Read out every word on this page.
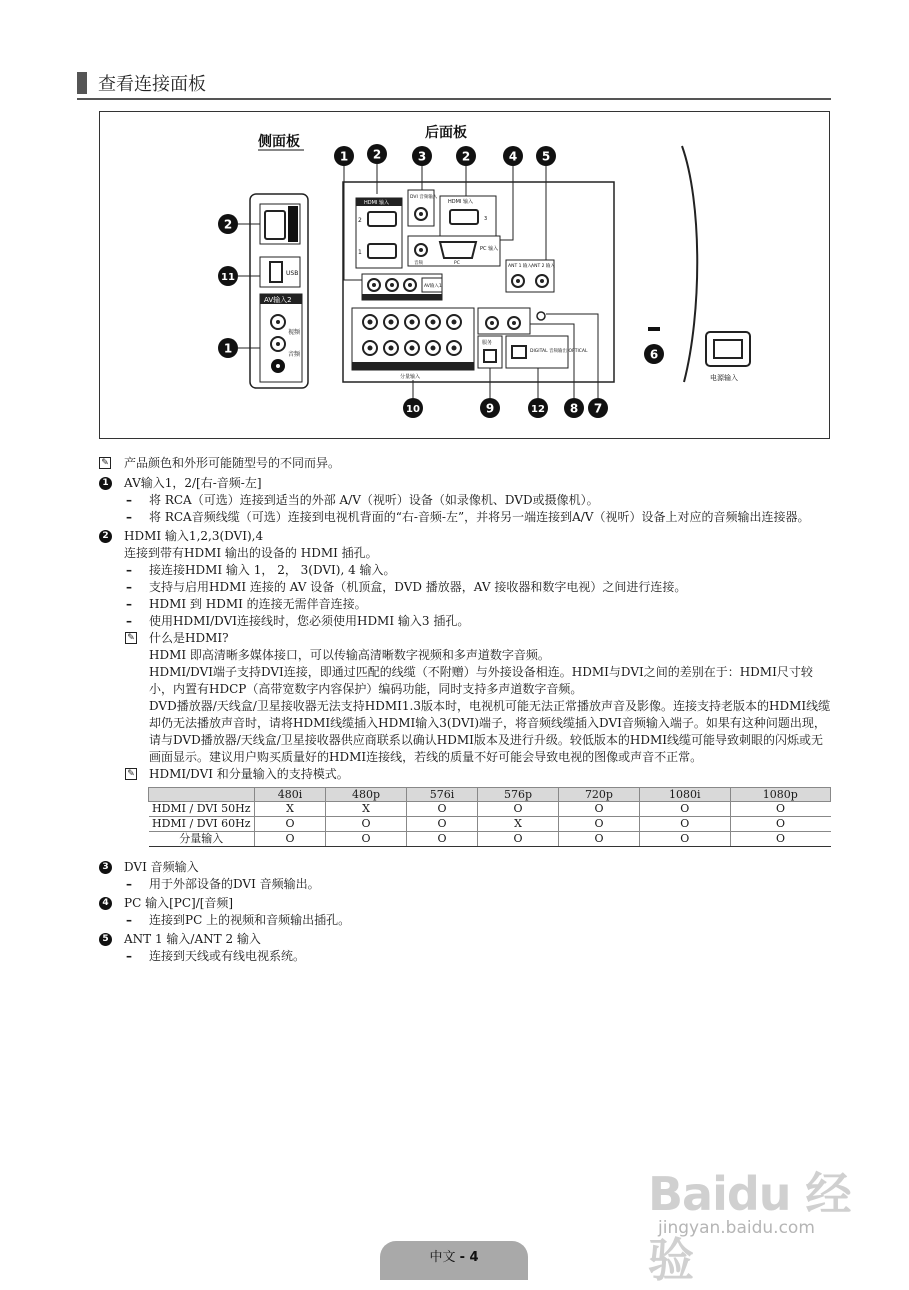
查看连接面板
侧面板
后面板
USB
AV输入2
视频
音频
2
11
1
HDMI 输入
2
1
DVI 音频输入
HDMI 输入
3
音频	PC
PC 输入
ANT 1 输入 ANT 2 输入
AV输入1
分量输入
服务
DIGITAL 音频输出 OPTICAL	6
电源输入
1 2	3	2	4 5
10	9	12 8 7
✎ 产品颜色和外形可能随型号的不同而异。
1 AV输入1，2/[右-音频-左]
– 将 RCA（可选）连接到适当的外部 A/V（视听）设备（如录像机、DVD或摄像机）。
– 将 RCA音频线缆（可选）连接到电视机背面的“右-音频-左”，并将另一端连接到A/V（视听）设备上对应的音频输出连接器。
2 HDMI 输入1,2,3(DVI),4
连接到带有HDMI 输出的设备的 HDMI 插孔。
– 接连接HDMI 输入 1， 2， 3(DVI), 4 输入。
– 支持与启用HDMI 连接的 AV 设备（机顶盒，DVD 播放器，AV 接收器和数字电视）之间进行连接。
– HDMI 到 HDMI 的连接无需伴音连接。
– 使用HDMI/DVI连接线时，您必须使用HDMI 输入3 插孔。
✎ 什么是HDMI?
HDMI 即高清晰多媒体接口，可以传输高清晰数字视频和多声道数字音频。
HDMI/DVI端子支持DVI连接，即通过匹配的线缆（不附赠）与外接设备相连。HDMI与DVI之间的差别在于：HDMI尺寸较小，内置有HDCP（高带宽数字内容保护）编码功能，同时支持多声道数字音频。
DVD播放器/天线盒/卫星接收器无法支持HDMI1.3版本时，电视机可能无法正常播放声音及影像。连接支持老版本的HDMI线缆却仍无法播放声音时，请将HDMI线缆插入HDMI输入3(DVI)端子，将音频线缆插入DVI音频输入端子。如果有这种问题出现，请与DVD播放器/天线盒/卫星接收器供应商联系以确认HDMI版本及进行升级。较低版本的HDMI线缆可能导致刺眼的闪烁或无画面显示。建议用户购买质量好的HDMI连接线，若线的质量不好可能会导致电视的图像或声音不正常。
✎ HDMI/DVI 和分量输入的支持模式。
	480i	480p	576i	576p	720p	1080i	1080p
HDMI / DVI 50Hz	X	X	O	O	O	O	O
HDMI / DVI 60Hz	O	O	O	X	O	O	O
分量输入	O	O	O	O	O	O	O
3 DVI 音频输入
– 用于外部设备的DVI 音频输出。
4 PC 输入[PC]/[音频]
– 连接到PC 上的视频和音频输出插孔。
5 ANT 1 输入/ANT 2 输入
– 连接到天线或有线电视系统。
Baidu 经验
jingyan.baidu.com
中文 - 4
